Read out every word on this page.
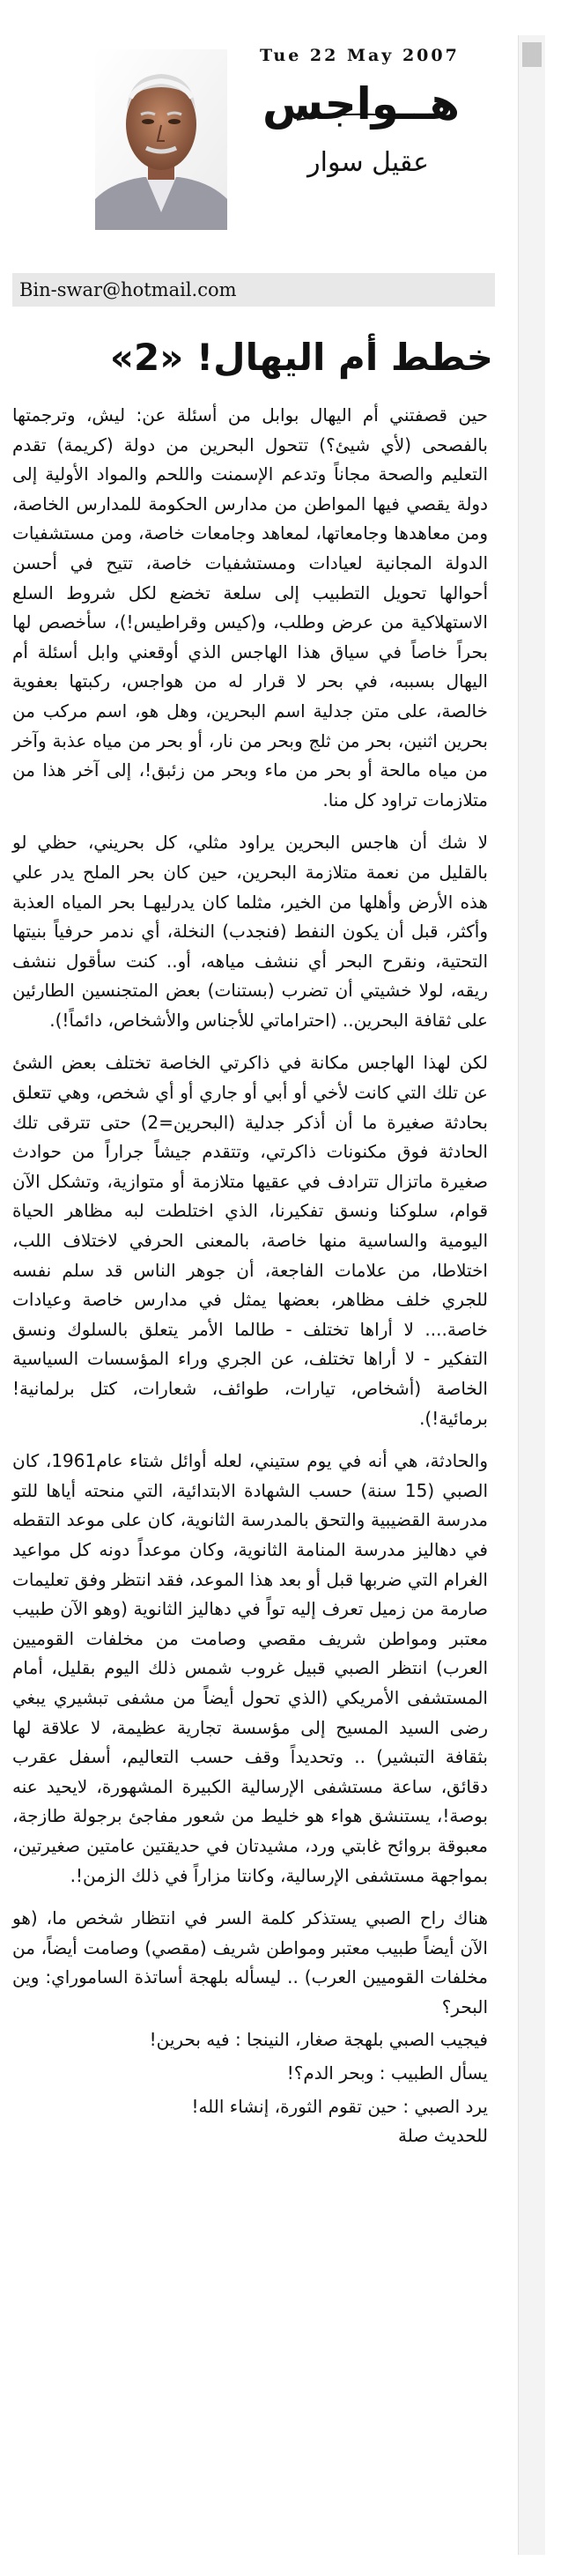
Tue 22 May 2007
هــواجس
عقيل سوار
Bin-swar@hotmail.com
خطط أم اليهال! «2»

حين قصفتني أم اليهال بوابل من أسئلة عن: ليش، وترجمتها بالفصحى (لأي شيئ؟) تتحول البحرين من دولة (كريمة) تقدم التعليم والصحة مجاناً وتدعم الإسمنت واللحم والمواد الأولية إلى دولة يقصي فيها المواطن من مدارس الحكومة للمدارس الخاصة، ومن معاهدها وجامعاتها، لمعاهد وجامعات خاصة، ومن مستشفيات الدولة المجانية لعيادات ومستشفيات خاصة، تتيح في أحسن أحوالها تحويل التطبيب إلى سلعة تخضع لكل شروط السلع الاستهلاكية من عرض وطلب، و(كيس وقراطيس!)، سأخصص لها بحراً خاصاً في سياق هذا الهاجس الذي أوقعني وابل أسئلة أم اليهال بسببه، في بحر لا قرار له من هواجس، ركبتها بعفوية خالصة، على متن جدلية اسم البحرين، وهل هو، اسم مركب من بحرين اثنين، بحر من ثلج وبحر من نار، أو بحر من مياه عذبة وآخر من مياه مالحة أو بحر من ماء وبحر من زئبق!، إلى آخر هذا من متلازمات تراود كل منا.

لا شك أن هاجس البحرين يراود مثلي، كل بحريني، حظي لو بالقليل من نعمة متلازمة البحرين، حين كان بحر الملح يدر علي هذه الأرض وأهلها من الخير، مثلما كان يدرليهـا بحر المياه العذبة وأكثر، قبل أن يكون النفط (فنجدب) النخلة، أي ندمر حرفياً بنيتها التحتية، ونقرح البحر أي ننشف مياهه، أو.. كنت سأقول ننشف ريقه، لولا خشيتي أن تضرب (بستنات) بعض المتجنسين الطارئين على ثقافة البحرين.. (احتراماتي للأجناس والأشخاص، دائماً!).

لكن لهذا الهاجس مكانة في ذاكرتي الخاصة تختلف بعض الشئ عن تلك التي كانت لأخي أو أبي أو جاري أو أي شخص، وهي تتعلق بحادثة صغيرة ما أن أذكر جدلية (البحرين=2) حتى تترقى تلك الحادثة فوق مكنونات ذاكرتي، وتتقدم جيشاً جراراً من حوادث صغيرة ماتزال تترادف في عقيها متلازمة أو متوازية، وتشكل الآن قوام، سلوكنا ونسق تفكيرنا، الذي اختلطت لبه مظاهر الحياة اليومية والساسية منها خاصة، بالمعنى الحرفي لاختلاف اللب، اختلاطا، من علامات الفاجعة، أن جوهر الناس قد سلم نفسه للجري خلف مظاهر، بعضها يمثل في مدارس خاصة وعيادات خاصة.... لا أراها تختلف - طالما الأمر يتعلق بالسلوك ونسق التفكير - لا أراها تختلف، عن الجري وراء المؤسسات السياسية الخاصة (أشخاص، تيارات، طوائف، شعارات، كتل برلمانية!برمائية!).

والحادثة، هي أنه في يوم ستيني، لعله أوائل شتاء عام1961، كان الصبي (15 سنة) حسب الشهادة الابتدائية، التي منحته أياها للتو مدرسة القضيبية والتحق بالمدرسة الثانوية، كان على موعد التقطه في دهاليز مدرسة المنامة الثانوية، وكان موعداً دونه كل مواعيد الغرام التي ضربها قبل أو بعد هذا الموعد، فقد انتظر وفق تعليمات صارمة من زميل تعرف إليه تواً في دهاليز الثانوية (وهو الآن طبيب معتبر ومواطن شريف مقصي وصامت من مخلفات القوميين العرب) انتظر الصبي قبيل غروب شمس ذلك اليوم بقليل، أمام المستشفى الأمريكي (الذي تحول أيضاً من مشفى تبشيري يبغي رضى السيد المسيح إلى مؤسسة تجارية عظيمة، لا علاقة لها بثقافة التبشير) .. وتحديداً وقف حسب التعاليم، أسفل عقرب دقائق، ساعة مستشفى الإرسالية الكبيرة المشهورة، لايحيد عنه بوصة!، يستنشق هواء هو خليط من شعور مفاجئ برجولة طازجة، معبوقة بروائح غابتي ورد، مشيدتان في حديقتين عامتين صغيرتين، بمواجهة مستشفى الإرسالية، وكانتا مزاراً في ذلك الزمن!.

هناك راح الصبي يستذكر كلمة السر في انتظار شخص ما، (هو الآن أيضاً طبيب معتبر ومواطن شريف (مقصي) وصامت أيضاً، من مخلفات القوميين العرب) .. ليسأله بلهجة أساتذة الساموراي: وين البحر؟

فيجيب الصبي بلهجة صغار، النينجا : فيه بحرين!

يسأل الطبيب : وبحر الدم؟!

يرد الصبي : حين تقوم الثورة، إنشاء الله!

للحديث صلة
